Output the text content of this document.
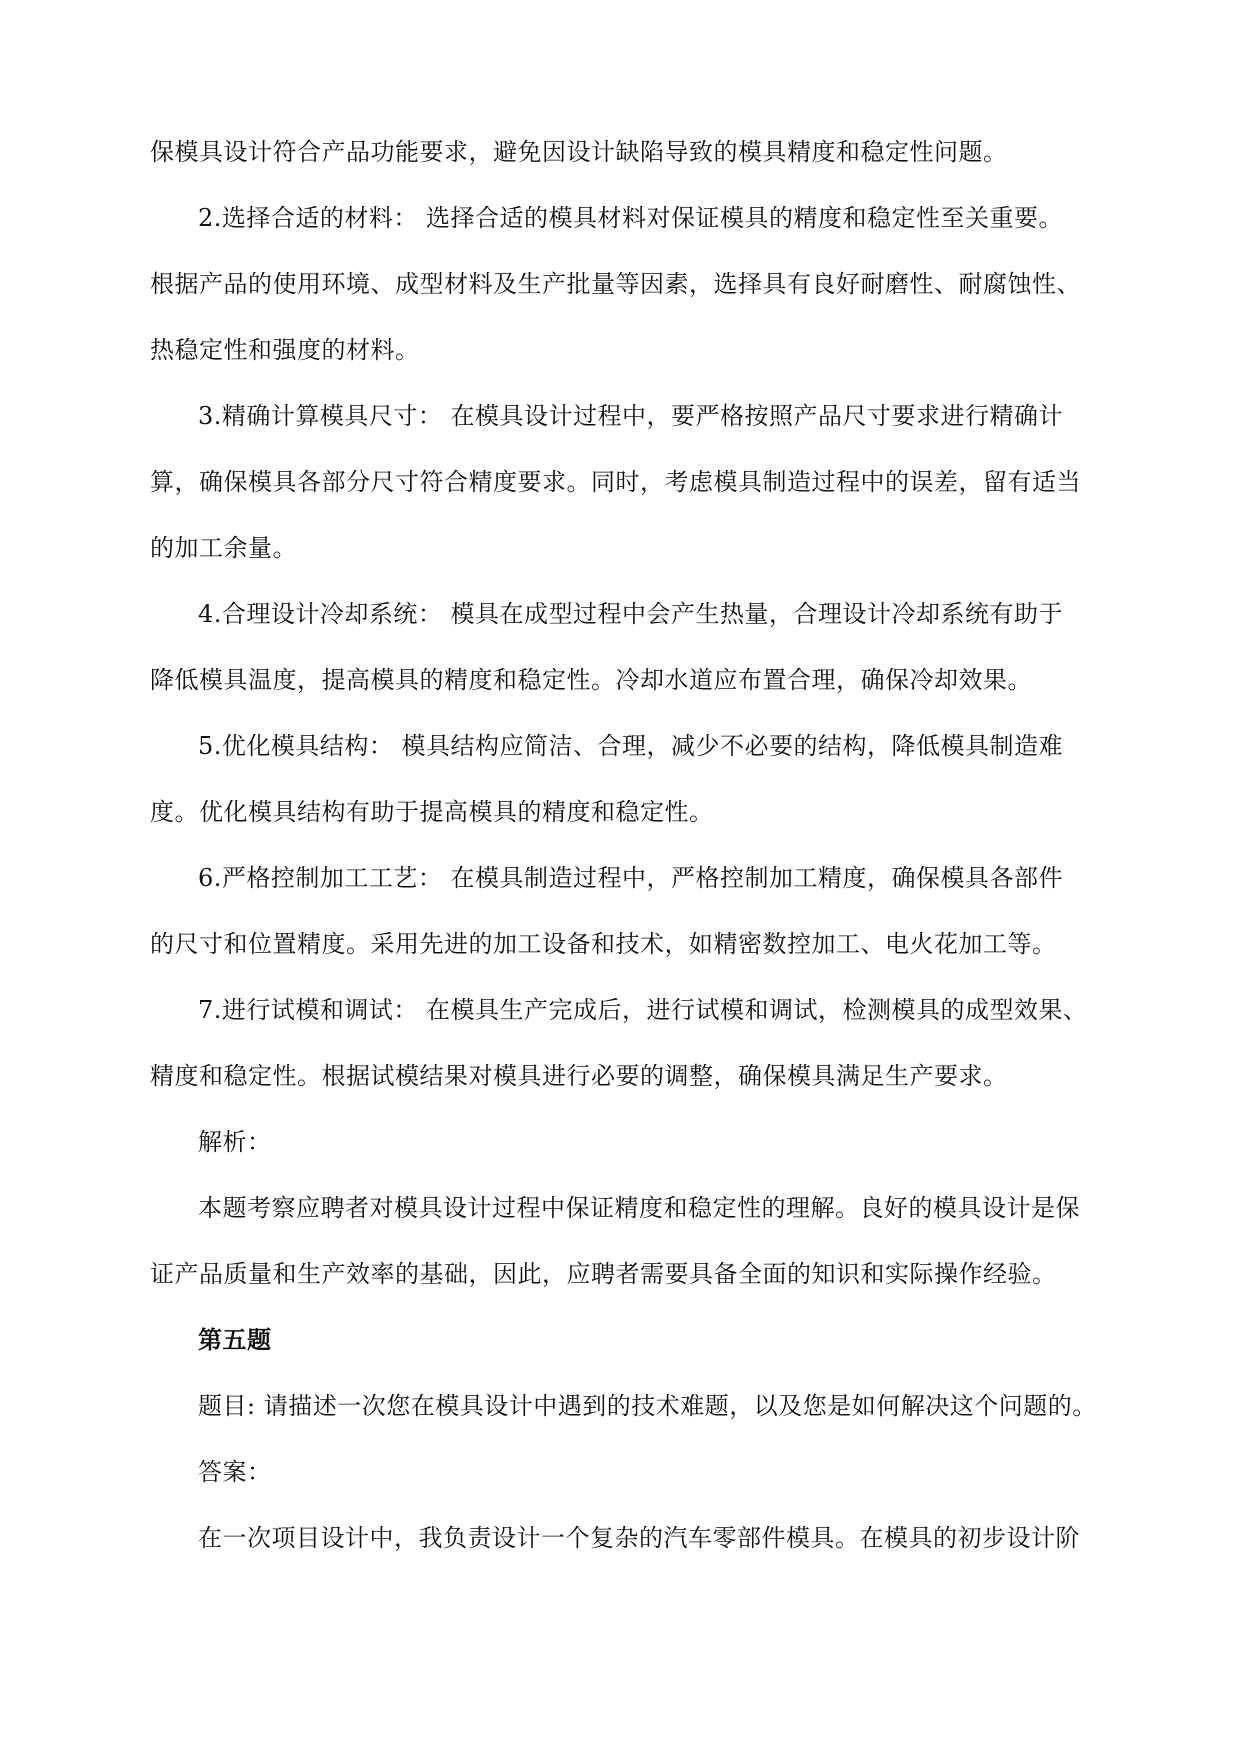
保模具设计符合产品功能要求，避免因设计缺陷导致的模具精度和稳定性问题。
2.选择合适的材料： 选择合适的模具材料对保证模具的精度和稳定性至关重要。
根据产品的使用环境、成型材料及生产批量等因素，选择具有良好耐磨性、耐腐蚀性、
热稳定性和强度的材料。
3.精确计算模具尺寸： 在模具设计过程中，要严格按照产品尺寸要求进行精确计
算，确保模具各部分尺寸符合精度要求。同时，考虑模具制造过程中的误差，留有适当
的加工余量。
4.合理设计冷却系统： 模具在成型过程中会产生热量，合理设计冷却系统有助于
降低模具温度，提高模具的精度和稳定性。冷却水道应布置合理，确保冷却效果。
5.优化模具结构： 模具结构应简洁、合理，减少不必要的结构，降低模具制造难
度。优化模具结构有助于提高模具的精度和稳定性。
6.严格控制加工工艺： 在模具制造过程中，严格控制加工精度，确保模具各部件
的尺寸和位置精度。采用先进的加工设备和技术，如精密数控加工、电火花加工等。
7.进行试模和调试： 在模具生产完成后，进行试模和调试，检测模具的成型效果、
精度和稳定性。根据试模结果对模具进行必要的调整，确保模具满足生产要求。
解析：
本题考察应聘者对模具设计过程中保证精度和稳定性的理解。良好的模具设计是保
证产品质量和生产效率的基础，因此，应聘者需要具备全面的知识和实际操作经验。
第五题
题目: 请描述一次您在模具设计中遇到的技术难题，以及您是如何解决这个问题的。
答案：
在一次项目设计中，我负责设计一个复杂的汽车零部件模具。在模具的初步设计阶
